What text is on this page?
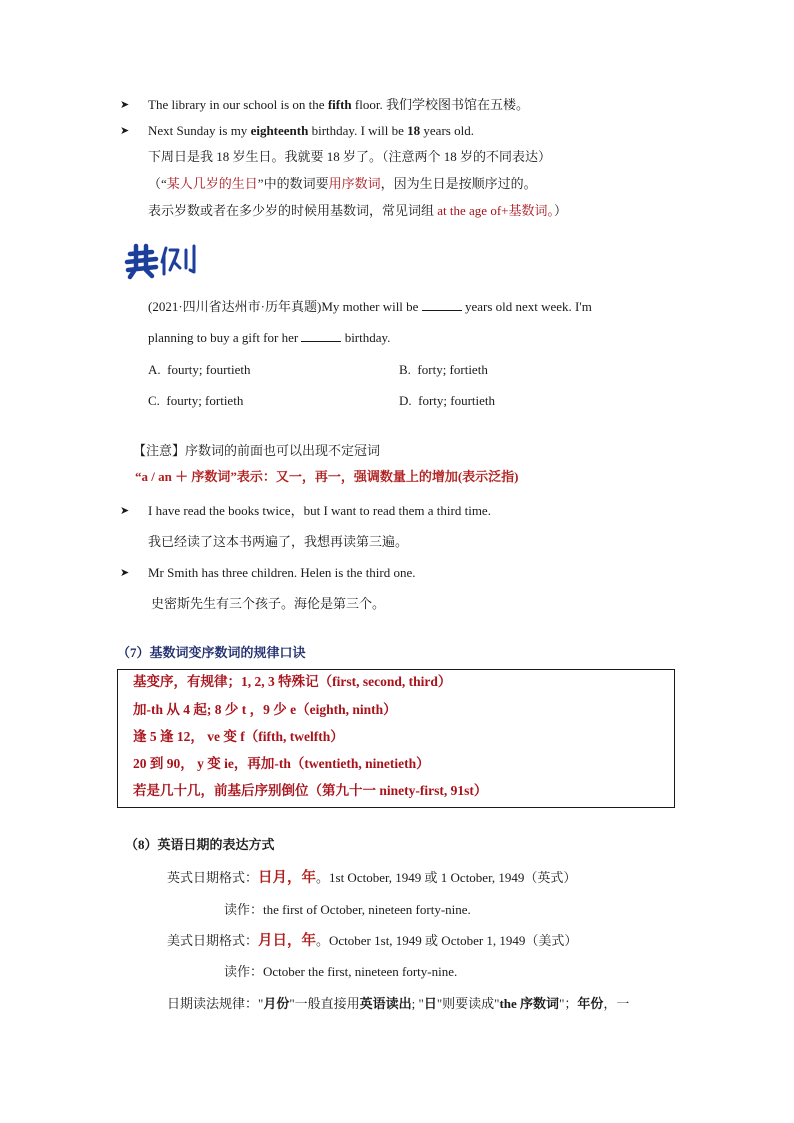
➤ The library in our school is on the fifth floor. 我们学校图书馆在五楼。
➤ Next Sunday is my eighteenth birthday. I will be 18 years old.
下周日是我 18 岁生日。我就要 18 岁了。（注意两个 18 岁的不同表达）
（“某人几岁的生日”中的数词要用序数词，因为生日是按顺序过的。
表示岁数或者在多少岁的时候用基数词，常见词组 at the age of+基数词。）
(2021·四川省达州市·历年真题)My mother will be	years old next week. I'm
planning to buy a gift for her	birthday.
A. fourty; fourtieth	B. forty; fortieth
C. fourty; fortieth	D. forty; fourtieth
【注意】序数词的前面也可以出现不定冠词
“a / an ＋ 序数词”表示：又一，再一，强调数量上的增加(表示泛指)
➤ I have read the books twice，but I want to read them a third time.
我已经读了这本书两遍了，我想再读第三遍。
➤ Mr Smith has three children. Helen is the third one.
史密斯先生有三个孩子。海伦是第三个。
（7）基数词变序数词的规律口诀
基变序，有规律；1, 2, 3 特殊记（first, second, third）
加-th 从 4 起; 8 少 t ，9 少 e（eighth, ninth）
逢 5 逢 12， ve 变 f（fifth, twelfth）
20 到 90， y 变 ie，再加-th（twentieth, ninetieth）
若是几十几，前基后序别倒位（第九十一 ninety-first, 91st）
（8）英语日期的表达方式
英式日期格式：日月，年。1st October, 1949 或 1 October, 1949（英式）
读作：the first of October, nineteen forty-nine.
美式日期格式：月日，年。October 1st, 1949 或 October 1, 1949（美式）
读作：October the first, nineteen forty-nine.
日期读法规律："月份"一般直接用英语读出; "日"则要读成"the 序数词"；年份，一
